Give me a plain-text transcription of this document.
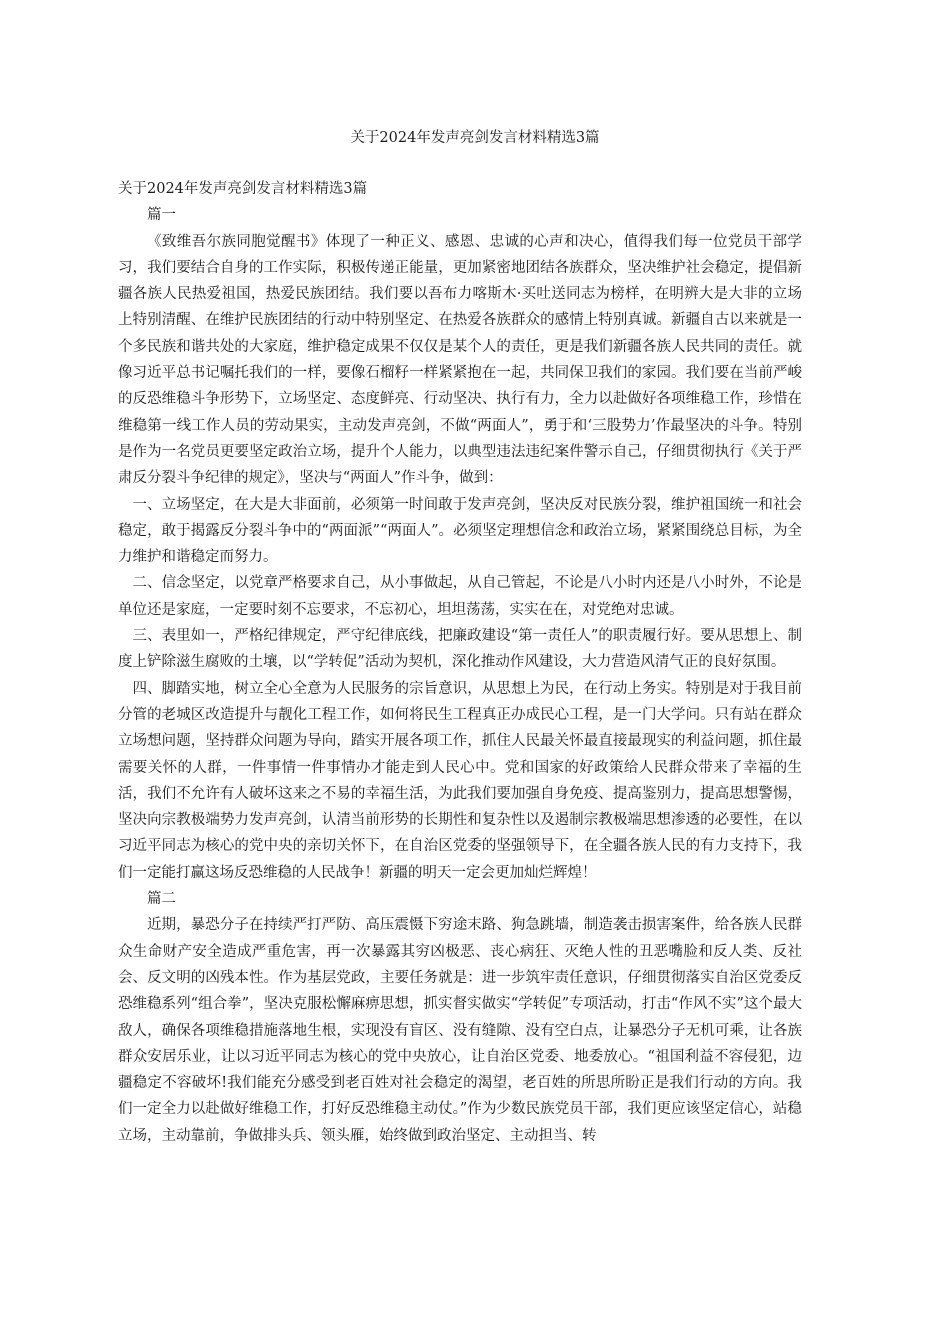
关于2024年发声亮剑发言材料精选3篇

关于2024年发声亮剑发言材料精选3篇

篇一

《致维吾尔族同胞觉醒书》体现了一种正义、感恩、忠诚的心声和决心，值得我们每一位党员干部学习，我们要结合自身的工作实际，积极传递正能量，更加紧密地团结各族群众，坚决维护社会稳定，提倡新疆各族人民热爱祖国，热爱民族团结。我们要以吾布力喀斯木·买吐送同志为榜样，在明辨大是大非的立场上特别清醒、在维护民族团结的行动中特别坚定、在热爱各族群众的感情上特别真诚。新疆自古以来就是一个多民族和谐共处的大家庭，维护稳定成果不仅仅是某个人的责任，更是我们新疆各族人民共同的责任。就像习近平总书记嘱托我们的一样，要像石榴籽一样紧紧抱在一起，共同保卫我们的家园。我们要在当前严峻的反恐维稳斗争形势下，立场坚定、态度鲜亮、行动坚决、执行有力，全力以赴做好各项维稳工作，珍惜在维稳第一线工作人员的劳动果实，主动发声亮剑，不做“两面人”，勇于和‘三股势力’作最坚决的斗争。特别是作为一名党员更要坚定政治立场，提升个人能力，以典型违法违纪案件警示自己，仔细贯彻执行《关于严肃反分裂斗争纪律的规定》，坚决与“两面人”作斗争，做到：

一、立场坚定，在大是大非面前，必须第一时间敢于发声亮剑，坚决反对民族分裂，维护祖国统一和社会稳定，敢于揭露反分裂斗争中的“两面派”“两面人”。必须坚定理想信念和政治立场，紧紧围绕总目标，为全力维护和谐稳定而努力。

二、信念坚定，以党章严格要求自己，从小事做起，从自己管起，不论是八小时内还是八小时外，不论是单位还是家庭，一定要时刻不忘要求，不忘初心，坦坦荡荡，实实在在，对党绝对忠诚。

三、表里如一，严格纪律规定，严守纪律底线，把廉政建设“第一责任人”的职责履行好。要从思想上、制度上铲除滋生腐败的土壤，以“学转促”活动为契机，深化推动作风建设，大力营造风清气正的良好氛围。

四、脚踏实地，树立全心全意为人民服务的宗旨意识，从思想上为民，在行动上务实。特别是对于我目前分管的老城区改造提升与靓化工程工作，如何将民生工程真正办成民心工程，是一门大学问。只有站在群众立场想问题，坚持群众问题为导向，踏实开展各项工作，抓住人民最关怀最直接最现实的利益问题，抓住最需要关怀的人群，一件事情一件事情办才能走到人民心中。党和国家的好政策给人民群众带来了幸福的生活，我们不允许有人破坏这来之不易的幸福生活，为此我们要加强自身免疫、提高鉴别力，提高思想警惕，坚决向宗教极端势力发声亮剑，认清当前形势的长期性和复杂性以及遏制宗教极端思想渗透的必要性，在以习近平同志为核心的党中央的亲切关怀下，在自治区党委的坚强领导下，在全疆各族人民的有力支持下，我们一定能打赢这场反恐维稳的人民战争！新疆的明天一定会更加灿烂辉煌！

篇二

近期，暴恐分子在持续严打严防、高压震慑下穷途末路、狗急跳墙，制造袭击损害案件，给各族人民群众生命财产安全造成严重危害，再一次暴露其穷凶极恶、丧心病狂、灭绝人性的丑恶嘴脸和反人类、反社会、反文明的凶残本性。作为基层党政，主要任务就是：进一步筑牢责任意识，仔细贯彻落实自治区党委反恐维稳系列“组合拳”，坚决克服松懈麻痹思想，抓实督实做实“学转促”专项活动，打击“作风不实”这个最大敌人，确保各项维稳措施落地生根，实现没有盲区、没有缝隙、没有空白点，让暴恐分子无机可乘，让各族群众安居乐业，让以习近平同志为核心的党中央放心，让自治区党委、地委放心。“祖国利益不容侵犯，边疆稳定不容破坏!我们能充分感受到老百姓对社会稳定的渴望，老百姓的所思所盼正是我们行动的方向。我们一定全力以赴做好维稳工作，打好反恐维稳主动仗。”作为少数民族党员干部，我们更应该坚定信心，站稳立场，主动靠前，争做排头兵、领头雁，始终做到政治坚定、主动担当、转
